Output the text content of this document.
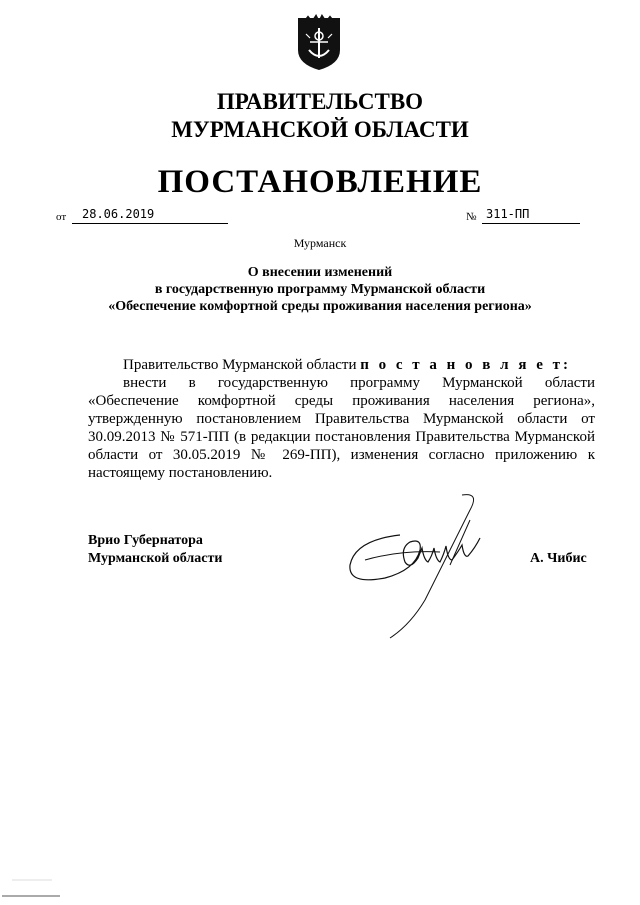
ПРАВИТЕЛЬСТВО
МУРМАНСКОЙ ОБЛАСТИ
ПОСТАНОВЛЕНИЕ
от 28.06.2019	№ 311-ПП
Мурманск
О внесении изменений
в государственную программу Мурманской области
«Обеспечение комфортной среды проживания населения региона»
Правительство Мурманской области п о с т а н о в л я е т:
внести в государственную программу Мурманской области
«Обеспечение комфортной среды проживания населения региона»,
утвержденную постановлением Правительства Мурманской области от
30.09.2013 № 571-ПП (в редакции постановления Правительства Мурманской
области от 30.05.2019 № 269-ПП), изменения согласно приложению к
настоящему постановлению.
Врио Губернатора
Мурманской области	А. Чибис
